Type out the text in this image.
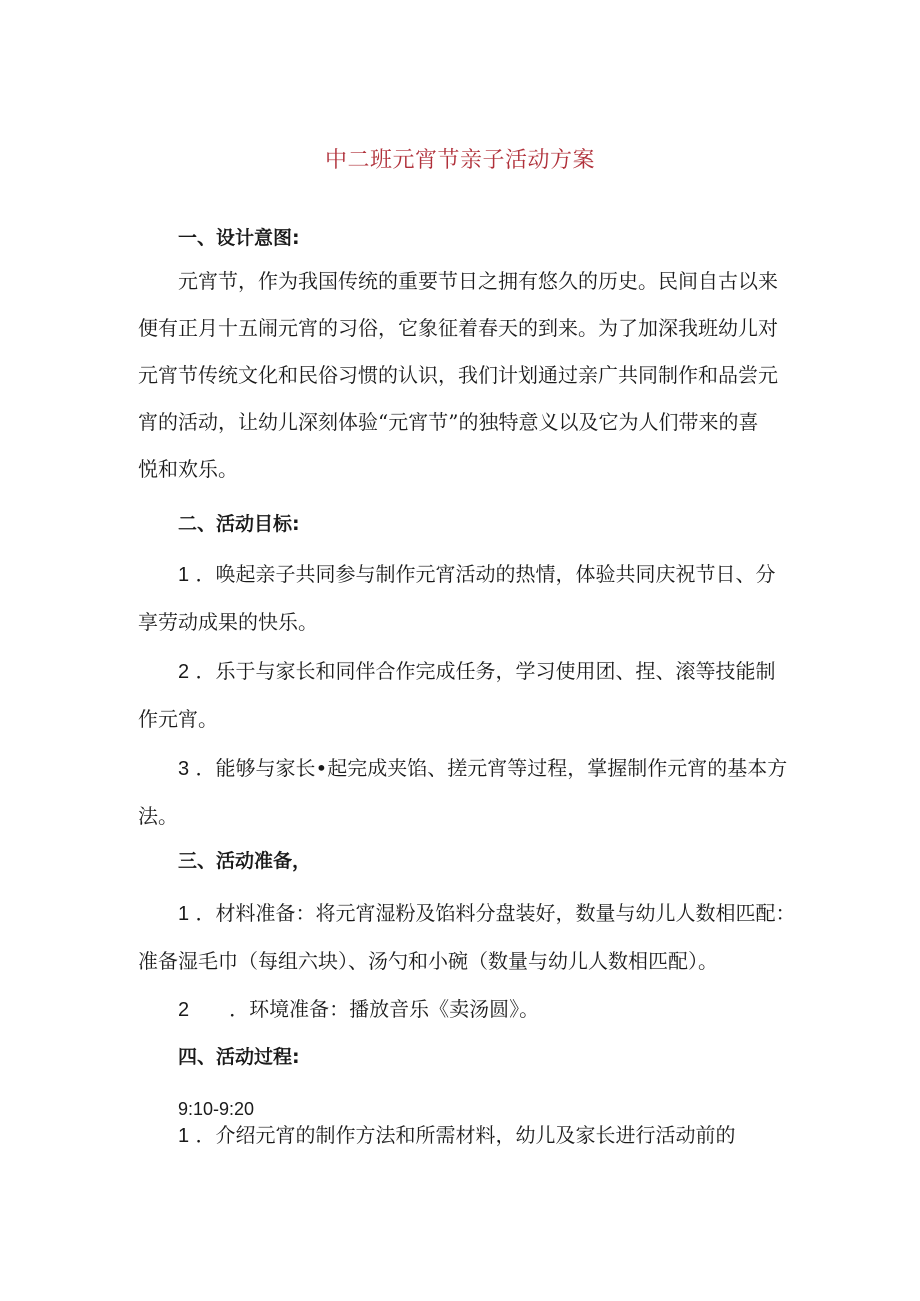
中二班元宵节亲子活动方案
一、设计意图:
元宵节，作为我国传统的重要节日之拥有悠久的历史。民间自古以来
便有正月十五闹元宵的习俗，它象征着春天的到来。为了加深我班幼儿对
元宵节传统文化和民俗习惯的认识，我们计划通过亲广共同制作和品尝元
宵的活动，让幼儿深刻体验“元宵节”的独特意义以及它为人们带来的喜
悦和欢乐。
二、活动目标:
1 ．唤起亲子共同参与制作元宵活动的热情，体验共同庆祝节日、分
享劳动成果的快乐。
2 ．乐于与家长和同伴合作完成任务，学习使用团、捏、滚等技能制
作元宵。
3 ．能够与家长•起完成夹馅、搓元宵等过程，掌握制作元宵的基本方
法。
三、活动准备，
1 ．材料准备：将元宵湿粉及馅料分盘装好，数量与幼儿人数相匹配：
准备湿毛巾（每组六块）、汤勺和小碗（数量与幼儿人数相匹配）。
2 ．环境准备：播放音乐《卖汤圆》。
四、活动过程:
9:10-9:20
1 ．介绍元宵的制作方法和所需材料，幼儿及家长进行活动前的
